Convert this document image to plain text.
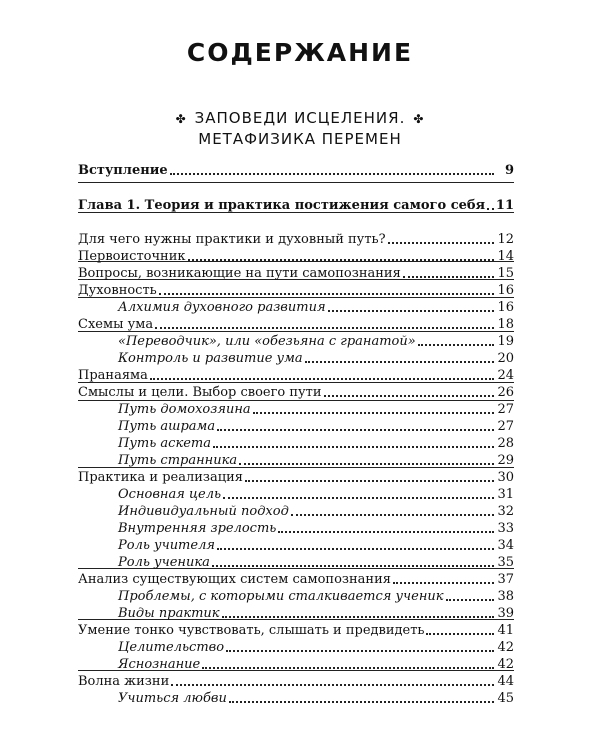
СОДЕРЖАНИЕ
✤ ЗАПОВЕДИ ИСЦЕЛЕНИЯ. ✤
МЕТАФИЗИКА ПЕРЕМЕН
Вступление	9
Глава 1. Теория и практика постижения самого себя 11
Для чего нужны практики и духовный путь?	12
Первоисточник	14
Вопросы, возникающие на пути самопознания	15
Духовность	16
Алхимия духовного развития	16
Схемы ума	18
«Переводчик», или «обезьяна с гранатой»	19
Контроль и развитие ума	20
Пранаяма	24
Смыслы и цели. Выбор своего пути	26
Путь домохозяина	27
Путь ашрама	27
Путь аскета	28
Путь странника	29
Практика и реализация	30
Основная цель	31
Индивидуальный подход	32
Внутренняя зрелость	33
Роль учителя	34
Роль ученика	35
Анализ существующих систем самопознания	37
Проблемы, с которыми сталкивается ученик	38
Виды практик	39
Умение тонко чувствовать, слышать и предвидеть	41
Целительство	42
Яснознание	42
Волна жизни	44
Учиться любви	45
